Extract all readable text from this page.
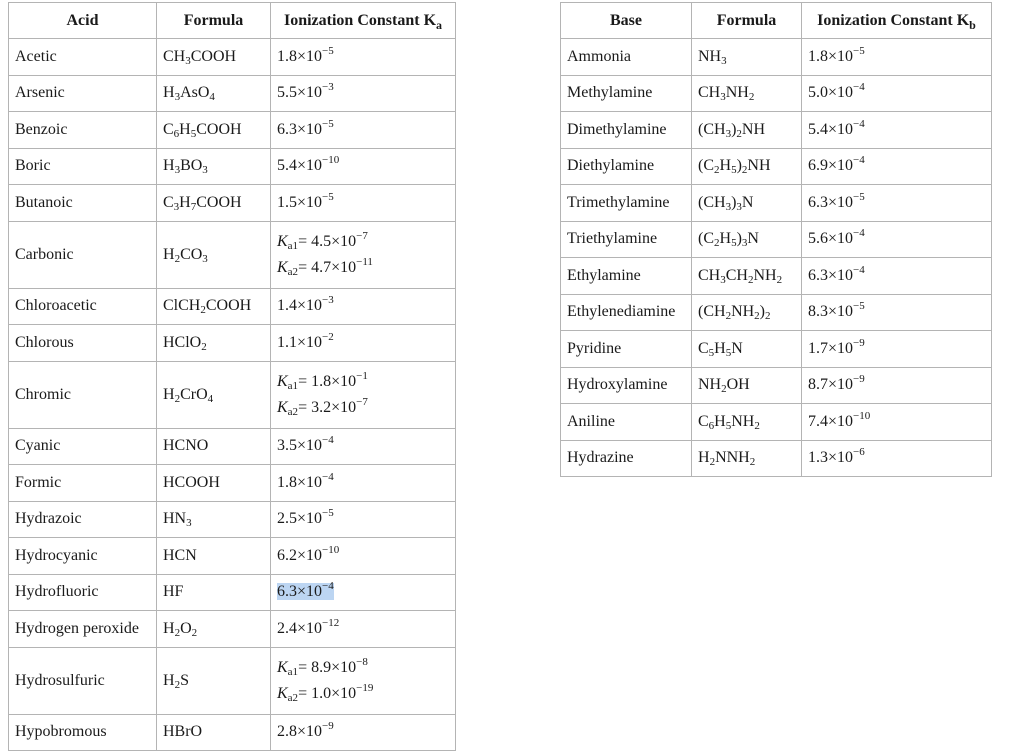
Acid	Formula	Ionization Constant $K_a$
Acetic	$CH_3COOH$	$1.8\times 10^{-5}$

Arsenic	$H_3AsO_4$	$5.5\times 10^{-3}$

Benzoic	$C_6H_5COOH$	$6.3\times 10^{-5}$

Boric	$H_3BO_3$	$5.4\times 10^{-10}$

Butanoic	$C_3H_7COOH$	$1.5\times 10^{-5}$

Carbonic	$H_2CO_3$	$K_{a1}= 4.5\times 10^{-7}$
$K_{a2}= 4.7\times 10^{-11}$

Chloroacetic	ClCH$_2$COOH	$1.4\times 10^{-3}$

Chlorous	HClO$_2$	$1.1\times 10^{-2}$

Chromic	$H_2CrO_4$	$K_{a1}= 1.8\times 10^{-1}$
$K_{a2}= 3.2\times 10^{-7}$

Cyanic	HCNO	$3.5\times 10^{-4}$

Formic	HCOOH	$1.8\times 10^{-4}$

Hydrazoic	$HN_3$	$2.5\times 10^{-5}$

Hydrocyanic	HCN	$6.2\times 10^{-10}$

Hydrofluoric	HF	$6.3\times 10^{-4}$

Hydrogen peroxide	$H_2O_2$	$2.4\times 10^{-12}$

Hydrosulfuric	$H_2S$	$K_{a1}= 8.9\times 10^{-8}$
$K_{a2}= 1.0\times 10^{-19}$

Hypobromous	HBrO	$2.8\times 10^{-9}$
Base	Formula	Ionization Constant $K_b$
Ammonia	$NH_3$	$1.8\times 10^{-5}$

Methylamine	$CH_3NH_2$	$5.0\times 10^{-4}$

Dimethylamine	$(CH_3)_2NH$	$5.4\times 10^{-4}$

Diethylamine	$(C_2H_5)_2NH$	$6.9\times 10^{-4}$

Trimethylamine	$(CH_3)_3N$	$6.3\times 10^{-5}$

Triethylamine	$(C_2H_5)_3N$	$5.6\times 10^{-4}$

Ethylamine	$CH_3CH_2NH_2$	$6.3\times 10^{-4}$

Ethylenediamine	$(CH_2NH_2)_2$	$8.3\times 10^{-5}$

Pyridine	$C_5H_5N$	$1.7\times 10^{-9}$

Hydroxylamine	$NH_2OH$	$8.7\times 10^{-9}$

Aniline	$C_6H_5NH_2$	$7.4\times 10^{-10}$

Hydrazine	$H_2NNH_2$	$1.3\times 10^{-6}$
